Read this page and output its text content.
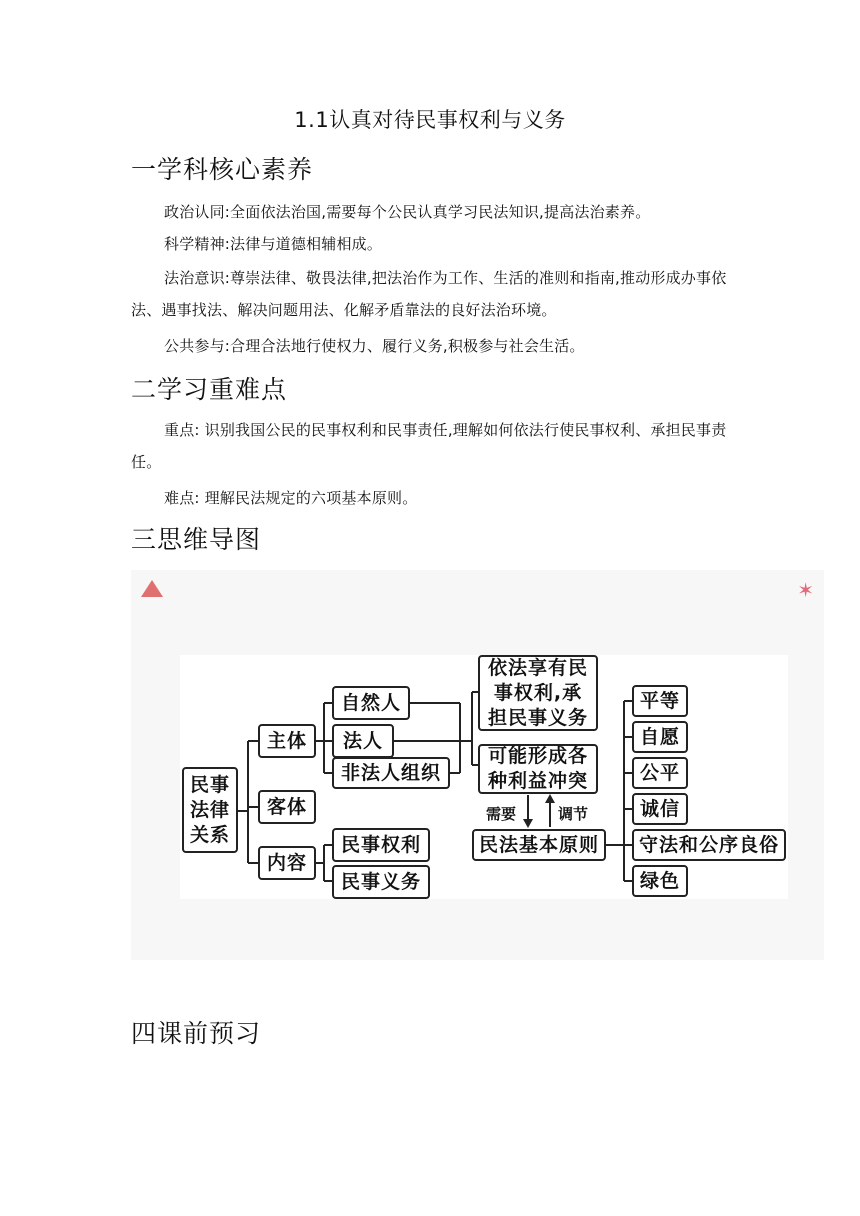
1.1认真对待民事权利与义务
一学科核心素养
政治认同:全面依法治国,需要每个公民认真学习民法知识,提高法治素养。
科学精神:法律与道德相辅相成。
法治意识:尊崇法律、敬畏法律,把法治作为工作、生活的准则和指南,推动形成办事依法、遇事找法、解决问题用法、化解矛盾靠法的良好法治环境。
公共参与:合理合法地行使权力、履行义务,积极参与社会生活。
二学习重难点
重点: 识别我国公民的民事权利和民事责任,理解如何依法行使民事权利、承担民事责任。
难点: 理解民法规定的六项基本原则。
三思维导图
✶
民事法律关系
主体
客体
内容
自然人
法人
非法人组织
民事权利
民事义务
依法享有民事权利,承担民事义务
可能形成各种利益冲突
需要	调节
民法基本原则
平等
自愿
公平
诚信
守法和公序良俗
绿色
四课前预习
